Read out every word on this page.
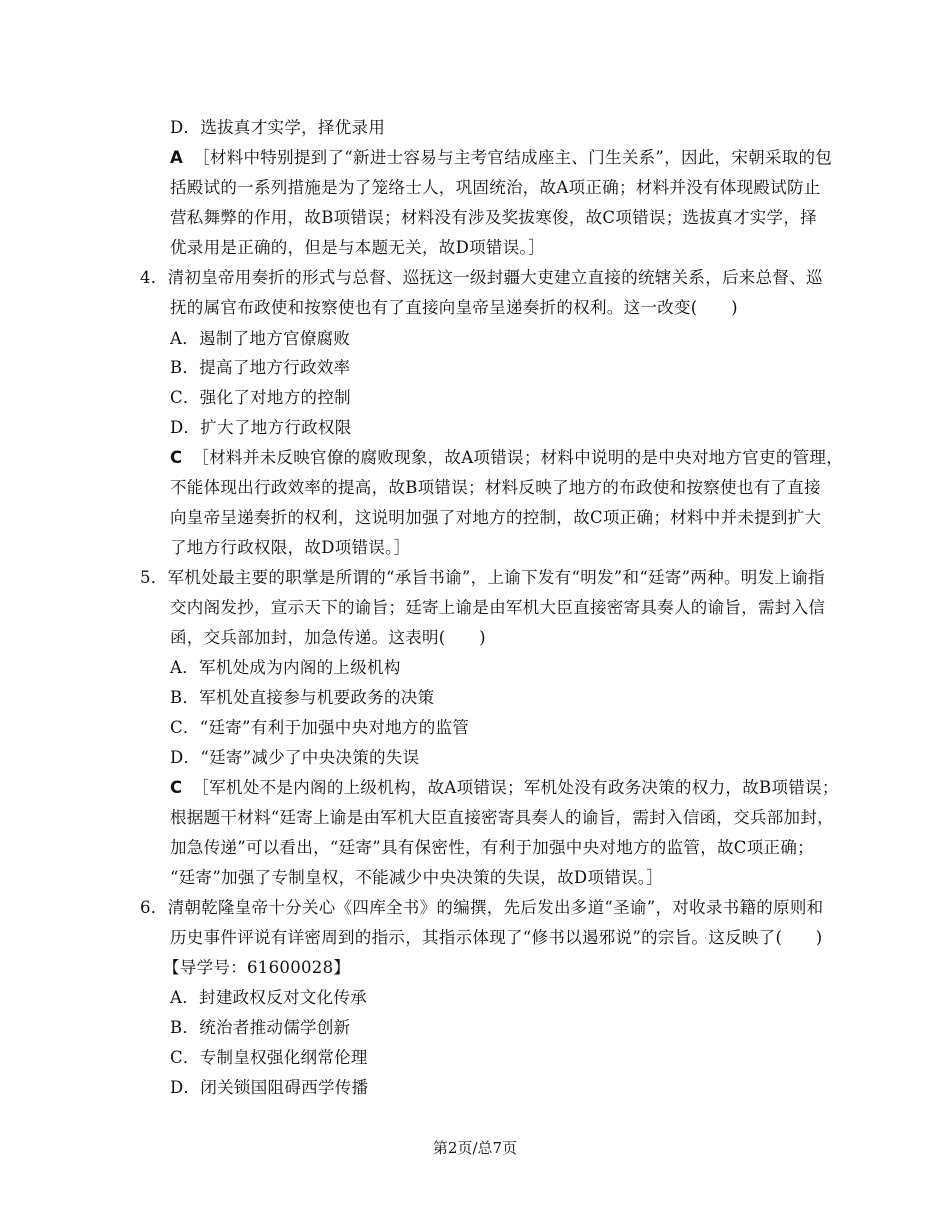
D．选拔真才实学，择优录用
A ［材料中特别提到了“新进士容易与主考官结成座主、门生关系”，因此，宋朝采取的包
括殿试的一系列措施是为了笼络士人，巩固统治，故A项正确；材料并没有体现殿试防止
营私舞弊的作用，故B项错误；材料没有涉及奖拔寒俊，故C项错误；选拔真才实学，择
优录用是正确的，但是与本题无关，故D项错误。］
4．清初皇帝用奏折的形式与总督、巡抚这一级封疆大吏建立直接的统辖关系，后来总督、巡
抚的属官布政使和按察使也有了直接向皇帝呈递奏折的权利。这一改变(　　)
A．遏制了地方官僚腐败
B．提高了地方行政效率
C．强化了对地方的控制
D．扩大了地方行政权限
C ［材料并未反映官僚的腐败现象，故A项错误；材料中说明的是中央对地方官吏的管理，
不能体现出行政效率的提高，故B项错误；材料反映了地方的布政使和按察使也有了直接
向皇帝呈递奏折的权利，这说明加强了对地方的控制，故C项正确；材料中并未提到扩大
了地方行政权限，故D项错误。］
5．军机处最主要的职掌是所谓的“承旨书谕”，上谕下发有“明发”和“廷寄”两种。明发上谕指
交内阁发抄，宣示天下的谕旨；廷寄上谕是由军机大臣直接密寄具奏人的谕旨，需封入信
函，交兵部加封，加急传递。这表明(　　)
A．军机处成为内阁的上级机构
B．军机处直接参与机要政务的决策
C．“廷寄”有利于加强中央对地方的监管
D．“廷寄”减少了中央决策的失误
C ［军机处不是内阁的上级机构，故A项错误；军机处没有政务决策的权力，故B项错误；
根据题干材料“廷寄上谕是由军机大臣直接密寄具奏人的谕旨，需封入信函，交兵部加封，
加急传递”可以看出，“廷寄”具有保密性，有利于加强中央对地方的监管，故C项正确；
“廷寄”加强了专制皇权，不能减少中央决策的失误，故D项错误。］
6．清朝乾隆皇帝十分关心《四库全书》的编撰，先后发出多道“圣谕”，对收录书籍的原则和
历史事件评说有详密周到的指示，其指示体现了“修书以遏邪说”的宗旨。这反映了(　　)
【导学号：61600028】
A．封建政权反对文化传承
B．统治者推动儒学创新
C．专制皇权强化纲常伦理
D．闭关锁国阻碍西学传播
第2页/总7页
